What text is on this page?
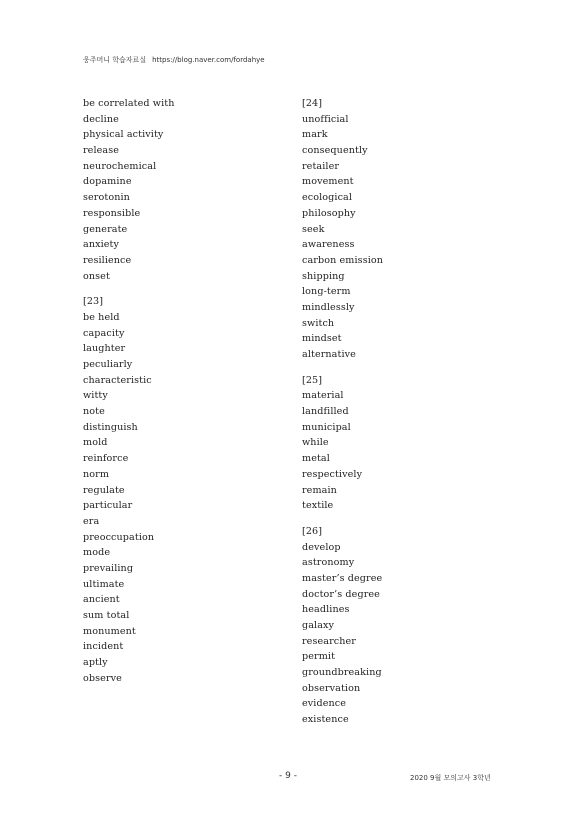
웅주머니 학습자료실 https://blog.naver.com/fordahye
be correlated with
decline
physical activity
release
neurochemical
dopamine
serotonin
responsible
generate
anxiety
resilience
onset
[23]
be held
capacity
laughter
peculiarly
characteristic
witty
note
distinguish
mold
reinforce
norm
regulate
particular
era
preoccupation
mode
prevailing
ultimate
ancient
sum total
monument
incident
aptly
observe
[24]
unofficial
mark
consequently
retailer
movement
ecological
philosophy
seek
awareness
carbon emission
shipping
long-term
mindlessly
switch
mindset
alternative
[25]
material
landfilled
municipal
while
metal
respectively
remain
textile
[26]
develop
astronomy
master’s degree
doctor’s degree
headlines
galaxy
researcher
permit
groundbreaking
observation
evidence
existence
- 9 -	2020 9월 모의고사 3학년
